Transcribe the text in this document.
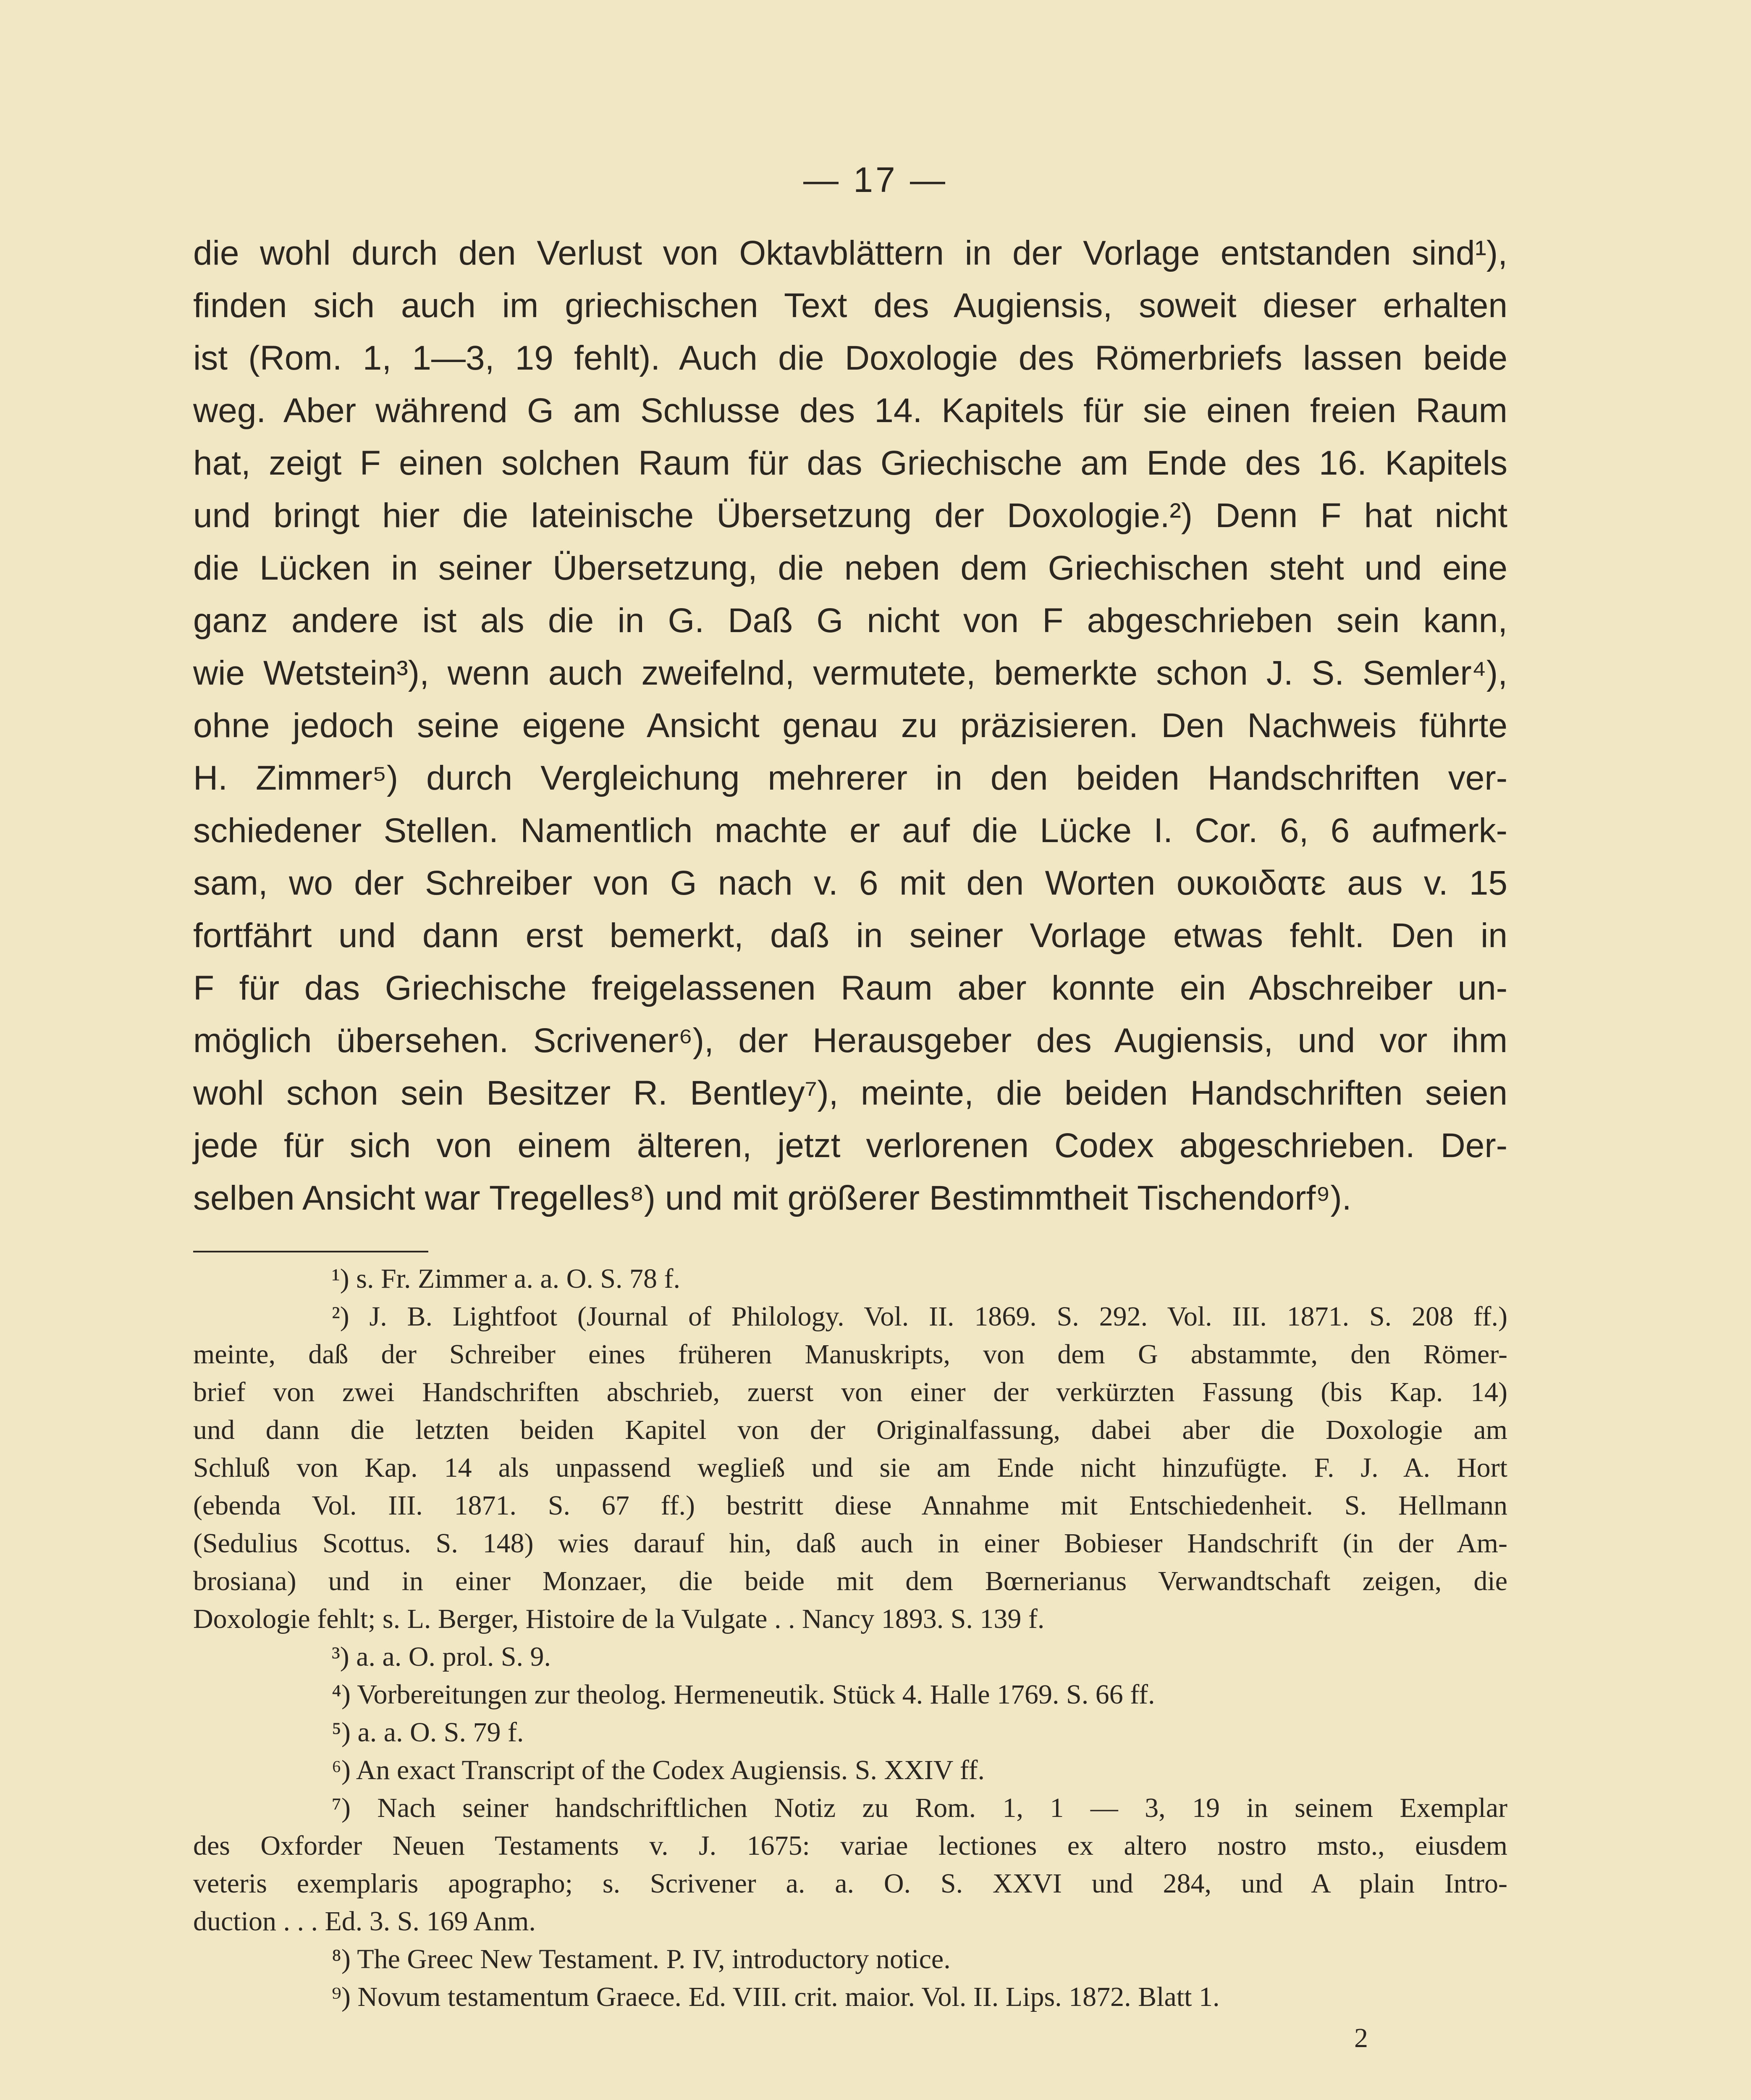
— 17 —
die wohl durch den Verlust von Oktavblättern in der Vorlage entstanden sind¹),
finden sich auch im griechischen Text des Augiensis, soweit dieser erhalten
ist (Rom. 1, 1—3, 19 fehlt). Auch die Doxologie des Römerbriefs lassen beide
weg. Aber während G am Schlusse des 14. Kapitels für sie einen freien Raum
hat, zeigt F einen solchen Raum für das Griechische am Ende des 16. Kapitels
und bringt hier die lateinische Übersetzung der Doxologie.²) Denn F hat nicht
die Lücken in seiner Übersetzung, die neben dem Griechischen steht und eine
ganz andere ist als die in G. Daß G nicht von F abgeschrieben sein kann,
wie Wetstein³), wenn auch zweifelnd, vermutete, bemerkte schon J. S. Semler⁴),
ohne jedoch seine eigene Ansicht genau zu präzisieren. Den Nachweis führte
H. Zimmer⁵) durch Vergleichung mehrerer in den beiden Handschriften ver-
schiedener Stellen. Namentlich machte er auf die Lücke I. Cor. 6, 6 aufmerk-
sam, wo der Schreiber von G nach v. 6 mit den Worten ουκοιδατε aus v. 15
fortfährt und dann erst bemerkt, daß in seiner Vorlage etwas fehlt. Den in
F für das Griechische freigelassenen Raum aber konnte ein Abschreiber un-
möglich übersehen. Scrivener⁶), der Herausgeber des Augiensis, und vor ihm
wohl schon sein Besitzer R. Bentley⁷), meinte, die beiden Handschriften seien
jede für sich von einem älteren, jetzt verlorenen Codex abgeschrieben. Der-
selben Ansicht war Tregelles⁸) und mit größerer Bestimmtheit Tischendorf⁹).
¹) s. Fr. Zimmer a. a. O. S. 78 f.
²) J. B. Lightfoot (Journal of Philology. Vol. II. 1869. S. 292. Vol. III. 1871. S. 208 ff.)
meinte, daß der Schreiber eines früheren Manuskripts, von dem G abstammte, den Römer-
brief von zwei Handschriften abschrieb, zuerst von einer der verkürzten Fassung (bis Kap. 14)
und dann die letzten beiden Kapitel von der Originalfassung, dabei aber die Doxologie am
Schluß von Kap. 14 als unpassend wegließ und sie am Ende nicht hinzufügte. F. J. A. Hort
(ebenda Vol. III. 1871. S. 67 ff.) bestritt diese Annahme mit Entschiedenheit. S. Hellmann
(Sedulius Scottus. S. 148) wies darauf hin, daß auch in einer Bobieser Handschrift (in der Am-
brosiana) und in einer Monzaer, die beide mit dem Bœrnerianus Verwandtschaft zeigen, die
Doxologie fehlt; s. L. Berger, Histoire de la Vulgate . . Nancy 1893. S. 139 f.
³) a. a. O. prol. S. 9.
⁴) Vorbereitungen zur theolog. Hermeneutik. Stück 4. Halle 1769. S. 66 ff.
⁵) a. a. O. S. 79 f.
⁶) An exact Transcript of the Codex Augiensis. S. XXIV ff.
⁷) Nach seiner handschriftlichen Notiz zu Rom. 1, 1 — 3, 19 in seinem Exemplar
des Oxforder Neuen Testaments v. J. 1675: variae lectiones ex altero nostro msto., eiusdem
veteris exemplaris apographo; s. Scrivener a. a. O. S. XXVI und 284, und A plain Intro-
duction . . . Ed. 3. S. 169 Anm.
⁸) The Greec New Testament. P. IV, introductory notice.
⁹) Novum testamentum Graece. Ed. VIII. crit. maior. Vol. II. Lips. 1872. Blatt 1.
2
